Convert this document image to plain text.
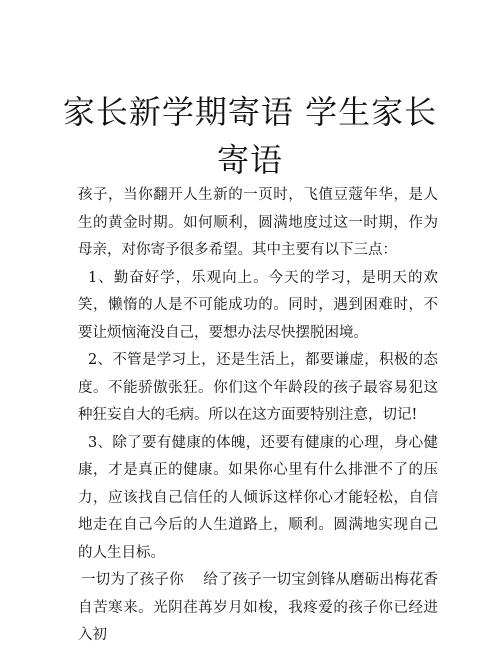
家长新学期寄语 学生家长
寄语

孩子，当你翻开人生新的一页时，飞值豆蔻年华，是人生的黄金时期。如何顺利，圆满地度过这一时期，作为母亲，对你寄予很多希望。其中主要有以下三点：

1、勤奋好学，乐观向上。今天的学习，是明天的欢笑，懒惰的人是不可能成功的。同时，遇到困难时，不要让烦恼淹没自己，要想办法尽快摆脱困境。

2、不管是学习上，还是生活上，都要谦虚，积极的态度。不能骄傲张狂。你们这个年龄段的孩子最容易犯这种狂妄自大的毛病。所以在这方面要特别注意，切记!

3、除了要有健康的体魄，还要有健康的心理，身心健康，才是真正的健康。如果你心里有什么排泄不了的压力，应该找自己信任的人倾诉这样你心才能轻松，自信地走在自己今后的人生道路上，顺利。圆满地实现自己的人生目标。

一切为了孩子你　 给了孩子一切宝剑锋从磨砺出梅花香自苦寒来。光阴荏苒岁月如梭，我疼爱的孩子你已经进入初
